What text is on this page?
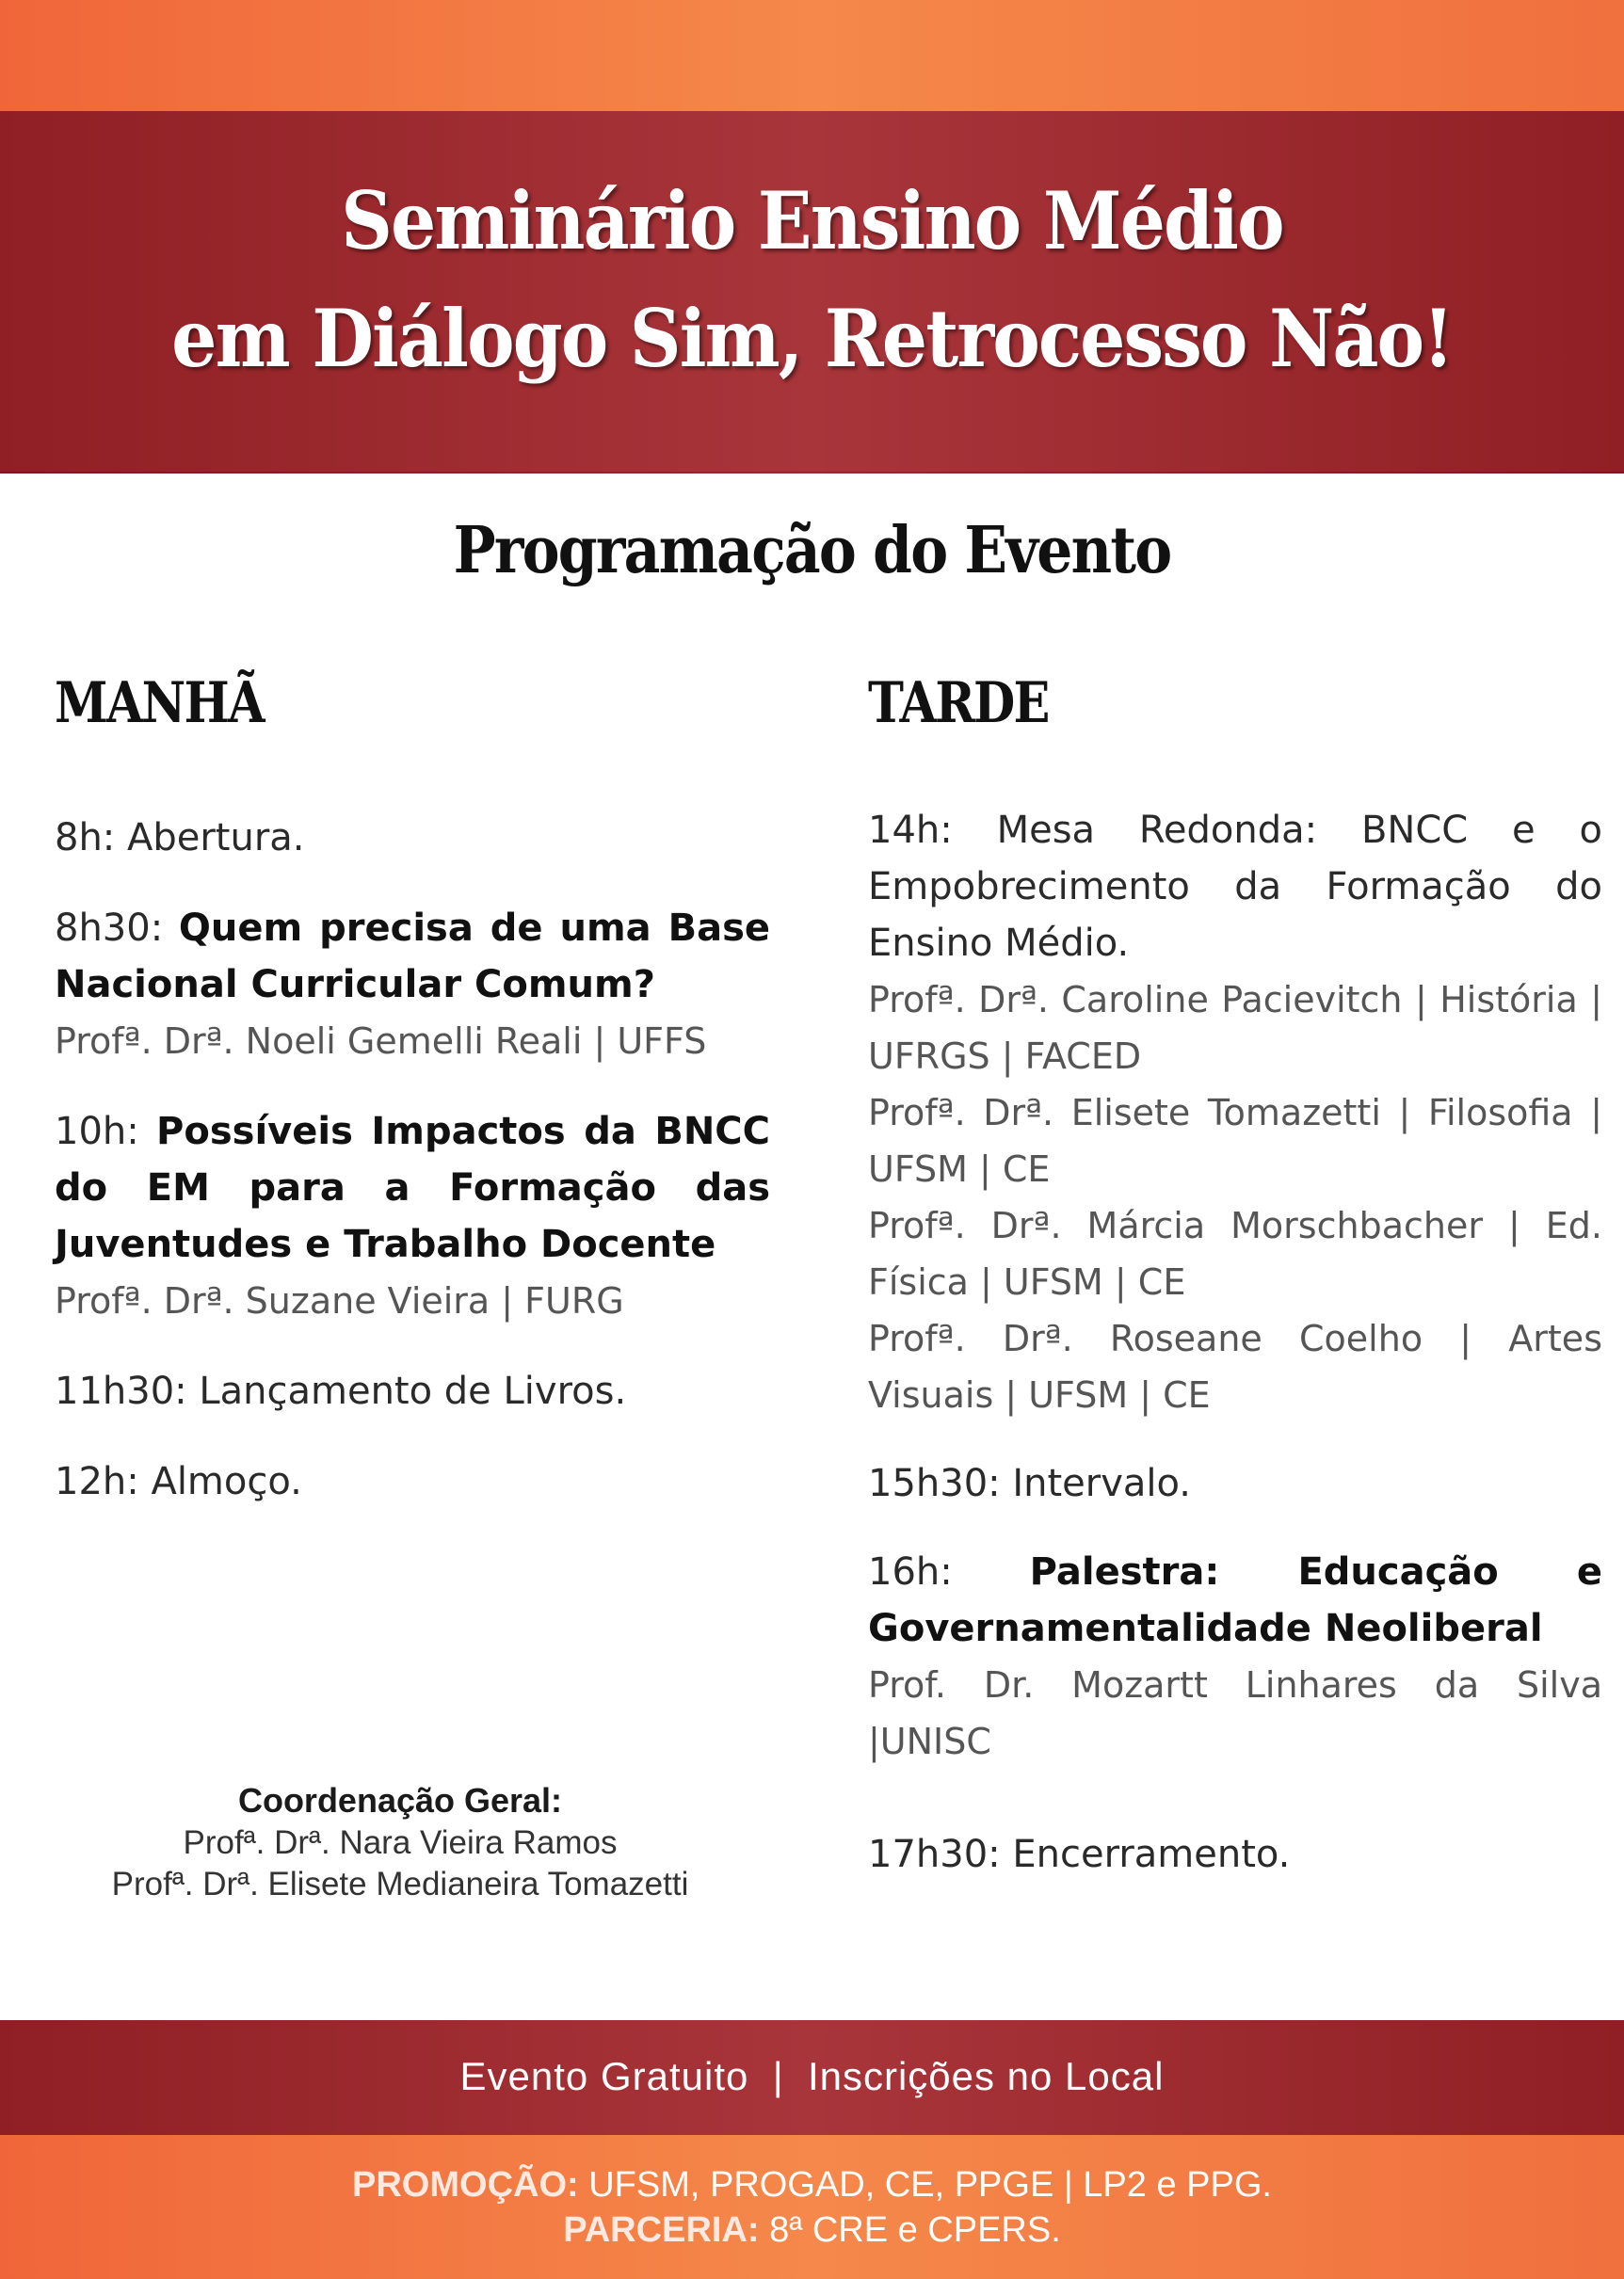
Seminário Ensino Médio
em Diálogo Sim, Retrocesso Não!
Programação do Evento
MANHÃ	TARDE
8h: Abertura.
8h30: Quem precisa de uma Base Nacional Curricular Comum?
Profª. Drª. Noeli Gemelli Reali | UFFS
10h: Possíveis Impactos da BNCC do EM para a Formação das Juventudes e Trabalho Docente
Profª. Drª. Suzane Vieira | FURG
11h30: Lançamento de Livros.
12h: Almoço.
14h: Mesa Redonda: BNCC e o Empobrecimento da Formação do Ensino Médio.
Profª. Drª. Caroline Pacievitch | História | UFRGS | FACED
Profª. Drª. Elisete Tomazetti | Filosofia | UFSM | CE
Profª. Drª. Márcia Morschbacher | Ed. Física | UFSM | CE
Profª. Drª. Roseane Coelho | Artes Visuais | UFSM | CE
15h30: Intervalo.
16h: Palestra: Educação e Governamentalidade Neoliberal
Prof. Dr. Mozartt Linhares da Silva |UNISC
17h30: Encerramento.
Coordenação Geral:
Profª. Drª. Nara Vieira Ramos
Profª. Drª. Elisete Medianeira Tomazetti
Evento Gratuito  |  Inscrições no Local
PROMOÇÃO: UFSM, PROGAD, CE, PPGE | LP2 e PPG.
PARCERIA: 8ª CRE e CPERS.
